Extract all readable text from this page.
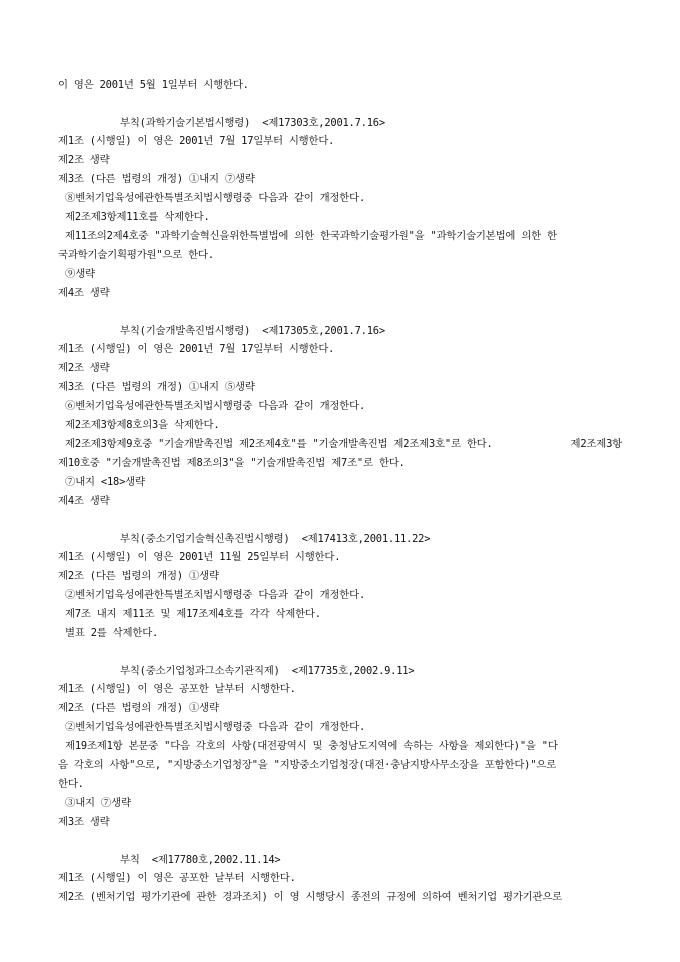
이 영은 2001년 5월 1일부터 시행한다.
부칙(과학기술기본법시행령)  <제17303호,2001.7.16>
제1조 (시행일) 이 영은 2001년 7월 17일부터 시행한다.
제2조 생략
제3조 (다른 법령의 개정) ①내지 ⑦생략
⑧벤처기업육성에관한특별조치법시행령중 다음과 같이 개정한다.
제2조제3항제11호를 삭제한다.
제11조의2제4호중 "과학기술혁신을위한특별법에 의한 한국과학기술평가원"을 "과학기술기본법에 의한 한
국과학기술기획평가원"으로 한다.
⑨생략
제4조 생략
부칙(기술개발촉진법시행령)  <제17305호,2001.7.16>
제1조 (시행일) 이 영은 2001년 7월 17일부터 시행한다.
제2조 생략
제3조 (다른 법령의 개정) ①내지 ⑤생략
⑥벤처기업육성에관한특별조치법시행령중 다음과 같이 개정한다.
제2조제3항제8호의3을 삭제한다.
제2조제3항제9호중 "기술개발촉진법 제2조제4호"를 "기술개발촉진법 제2조제3호"로 한다.	제2조제3항
제10호중 "기술개발촉진법 제8조의3"을 "기술개발촉진법 제7조"로 한다.
⑦내지 <18>생략
제4조 생략
부칙(중소기업기술혁신촉진법시행령)  <제17413호,2001.11.22>
제1조 (시행일) 이 영은 2001년 11월 25일부터 시행한다.
제2조 (다른 법령의 개정) ①생략
②벤처기업육성에관한특별조치법시행령중 다음과 같이 개정한다.
제7조 내지 제11조 및 제17조제4호를 각각 삭제한다.
별표 2를 삭제한다.
부칙(중소기업청과그소속기관직제)  <제17735호,2002.9.11>
제1조 (시행일) 이 영은 공포한 날부터 시행한다.
제2조 (다른 법령의 개정) ①생략
②벤처기업육성에관한특별조치법시행령중 다음과 같이 개정한다.
제19조제1항 본문중 "다음 각호의 사항(대전광역시 및 충청남도지역에 속하는 사항을 제외한다)"을 "다
음 각호의 사항"으로, "지방중소기업청장"을 "지방중소기업청장(대전·충남지방사무소장을 포함한다)"으로
한다.
③내지 ⑦생략
제3조 생략
부칙  <제17780호,2002.11.14>
제1조 (시행일) 이 영은 공포한 날부터 시행한다.
제2조 (벤처기업 평가기관에 관한 경과조치) 이 영 시행당시 종전의 규정에 의하여 벤처기업 평가기관으로
